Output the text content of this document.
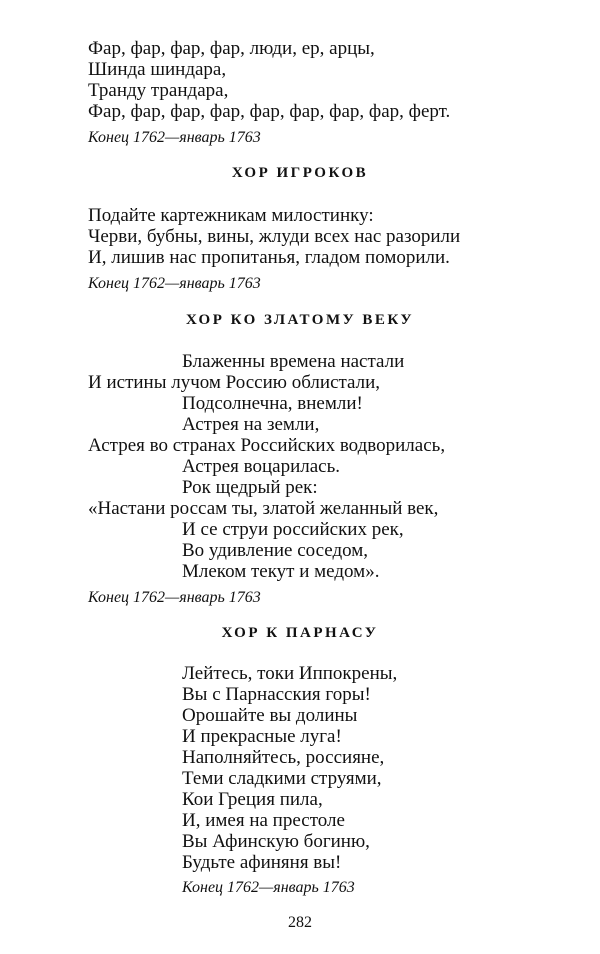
Фар, фар, фар, фар, люди, ер, арцы,
Шинда шиндара,
Транду трандара,
Фар, фар, фар, фар, фар, фар, фар, фар, ферт.
Конец 1762—январь 1763
ХОР ИГРОКОВ
Подайте картежникам милостинку:
Черви, бубны, вины, жлуди всех нас разорили
И, лишив нас пропитанья, гладом поморили.
Конец 1762—январь 1763
ХОР КО ЗЛАТОМУ ВЕКУ
Блаженны времена настали
И истины лучом Россию облистали,
Подсолнечна, внемли!
Астрея на земли,
Астрея во странах Российских водворилась,
Астрея воцарилась.
Рок щедрый рек:
«Настани россам ты, златой желанный век,
И се струи российских рек,
Во удивление соседом,
Млеком текут и медом».
Конец 1762—январь 1763
ХОР К ПАРНАСУ
Лейтесь, токи Иппокрены,
Вы с Парнасския горы!
Орошайте вы долины
И прекрасные луга!
Наполняйтесь, россияне,
Теми сладкими струями,
Кои Греция пила,
И, имея на престоле
Вы Афинскую богиню,
Будьте афиняня вы!
Конец 1762—январь 1763
282
